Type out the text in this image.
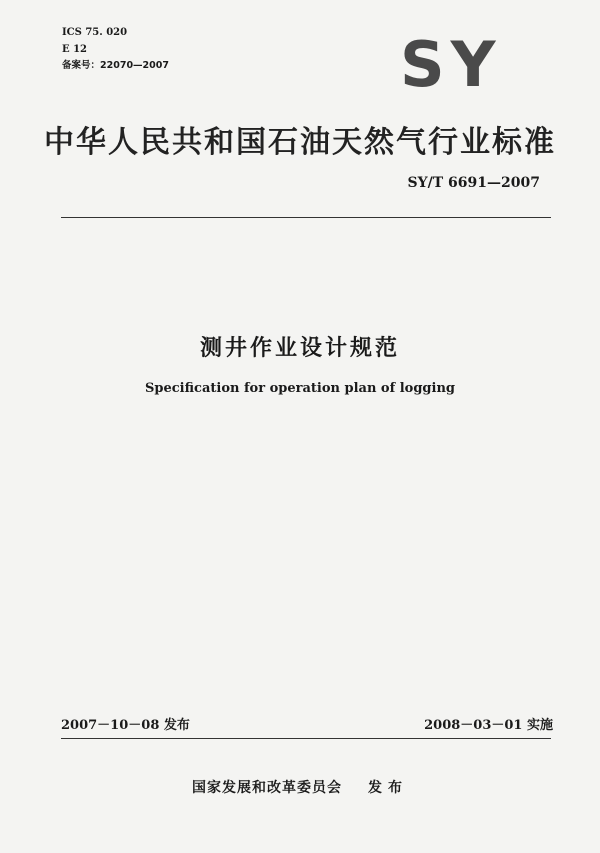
ICS 75. 020
E 12
备案号：22070—2007	SY
中华人民共和国石油天然气行业标准
SY/T 6691—2007
测井作业设计规范
Specification for operation plan of logging
2007－10－08 发布	2008－03－01 实施
国家发展和改革委员会 发布
